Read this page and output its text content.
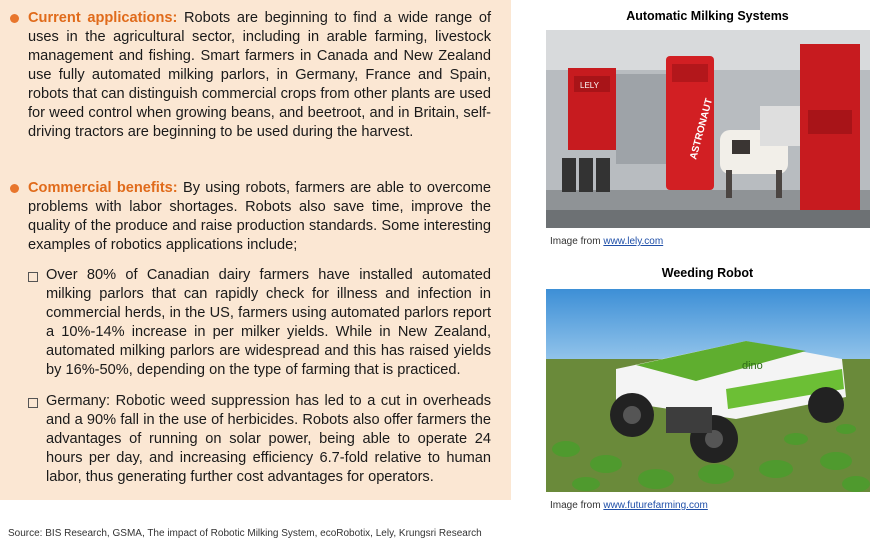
Current applications: Robots are beginning to find a wide range of uses in the agricultural sector, including in arable farming, livestock management and fishing. Smart farmers in Canada and New Zealand use fully automated milking parlors, in Germany, France and Spain, robots that can distinguish commercial crops from other plants are used for weed control when growing beans, and beetroot, and in Britain, self-driving tractors are beginning to be used during the harvest.
Commercial benefits: By using robots, farmers are able to overcome problems with labor shortages. Robots also save time, improve the quality of the produce and raise production standards. Some interesting examples of robotics applications include;
Over 80% of Canadian dairy farmers have installed automated milking parlors that can rapidly check for illness and infection in commercial herds, in the US, farmers using automated parlors report a 10%-14% increase in per milker yields. While in New Zealand, automated milking parlors are widespread and this has raised yields by 16%-50%, depending on the type of farming that is practiced.
Germany: Robotic weed suppression has led to a cut in overheads and a 90% fall in the use of herbicides. Robots also offer farmers the advantages of running on solar power, being able to operate 24 hours per day, and increasing efficiency 6.7-fold relative to human labor, thus generating further cost advantages for operators.
Automatic Milking Systems
LELY
ASTRONAUT
Image from www.lely.com
Weeding Robot
dino
Image from www.futurefarming.com
Source: BIS Research, GSMA, The impact of Robotic Milking System, ecoRobotix, Lely, Krungsri Research
